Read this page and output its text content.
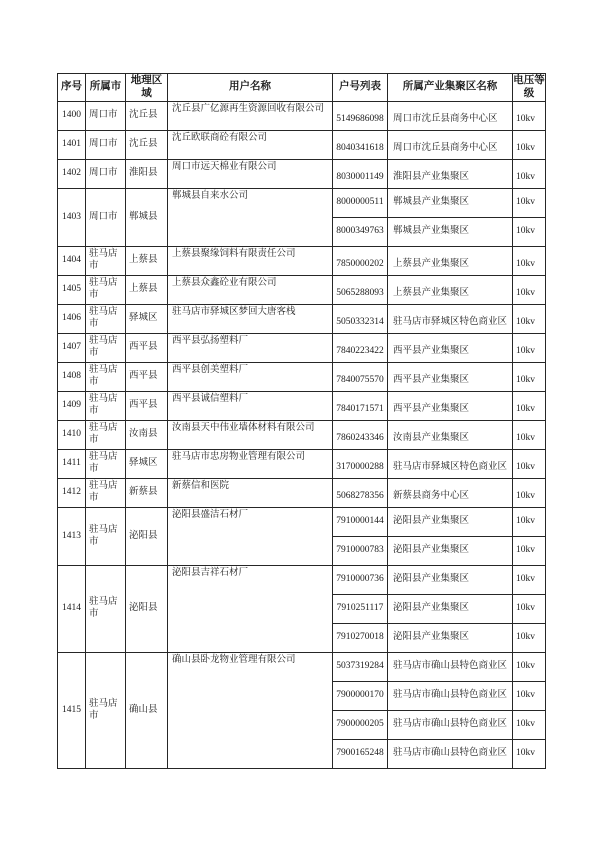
序号	所属市	地理区域	用户名称	户号列表	所属产业集聚区名称	电压等级
1400	周口市	沈丘县	沈丘县广亿源再生资源回收有限公司	5149686098	周口市沈丘县商务中心区	10kv
1401	周口市	沈丘县	沈丘欧联商砼有限公司	8040341618	周口市沈丘县商务中心区	10kv
1402	周口市	淮阳县	周口市远天棉业有限公司	8030001149	淮阳县产业集聚区	10kv
1403	周口市	郸城县	郸城县自来水公司	8000000511	郸城县产业集聚区	10kv
				8000349763	郸城县产业集聚区	10kv
1404	驻马店市	上蔡县	上蔡县聚缘饲料有限责任公司	7850000202	上蔡县产业集聚区	10kv
1405	驻马店市	上蔡县	上蔡县众鑫砼业有限公司	5065288093	上蔡县产业集聚区	10kv
1406	驻马店市	驿城区	驻马店市驿城区梦回大唐客栈	5050332314	驻马店市驿城区特色商业区	10kv
1407	驻马店市	西平县	西平县弘扬塑料厂	7840223422	西平县产业集聚区	10kv
1408	驻马店市	西平县	西平县创美塑料厂	7840075570	西平县产业集聚区	10kv
1409	驻马店市	西平县	西平县诚信塑料厂	7840171571	西平县产业集聚区	10kv
1410	驻马店市	汝南县	汝南县天中伟业墙体材料有限公司	7860243346	汝南县产业集聚区	10kv
1411	驻马店市	驿城区	驻马店市忠房物业管理有限公司	3170000288	驻马店市驿城区特色商业区	10kv
1412	驻马店市	新蔡县	新蔡信和医院	5068278356	新蔡县商务中心区	10kv
1413	驻马店市	泌阳县	泌阳县盛洁石材厂	7910000144	泌阳县产业集聚区	10kv
				7910000783	泌阳县产业集聚区	10kv
1414	驻马店市	泌阳县	泌阳县吉祥石材厂	7910000736	泌阳县产业集聚区	10kv
				7910251117	泌阳县产业集聚区	10kv
				7910270018	泌阳县产业集聚区	10kv
1415	驻马店市	确山县	确山县卧龙物业管理有限公司	5037319284	驻马店市确山县特色商业区	10kv
				7900000170	驻马店市确山县特色商业区	10kv
				7900000205	驻马店市确山县特色商业区	10kv
				7900165248	驻马店市确山县特色商业区	10kv
